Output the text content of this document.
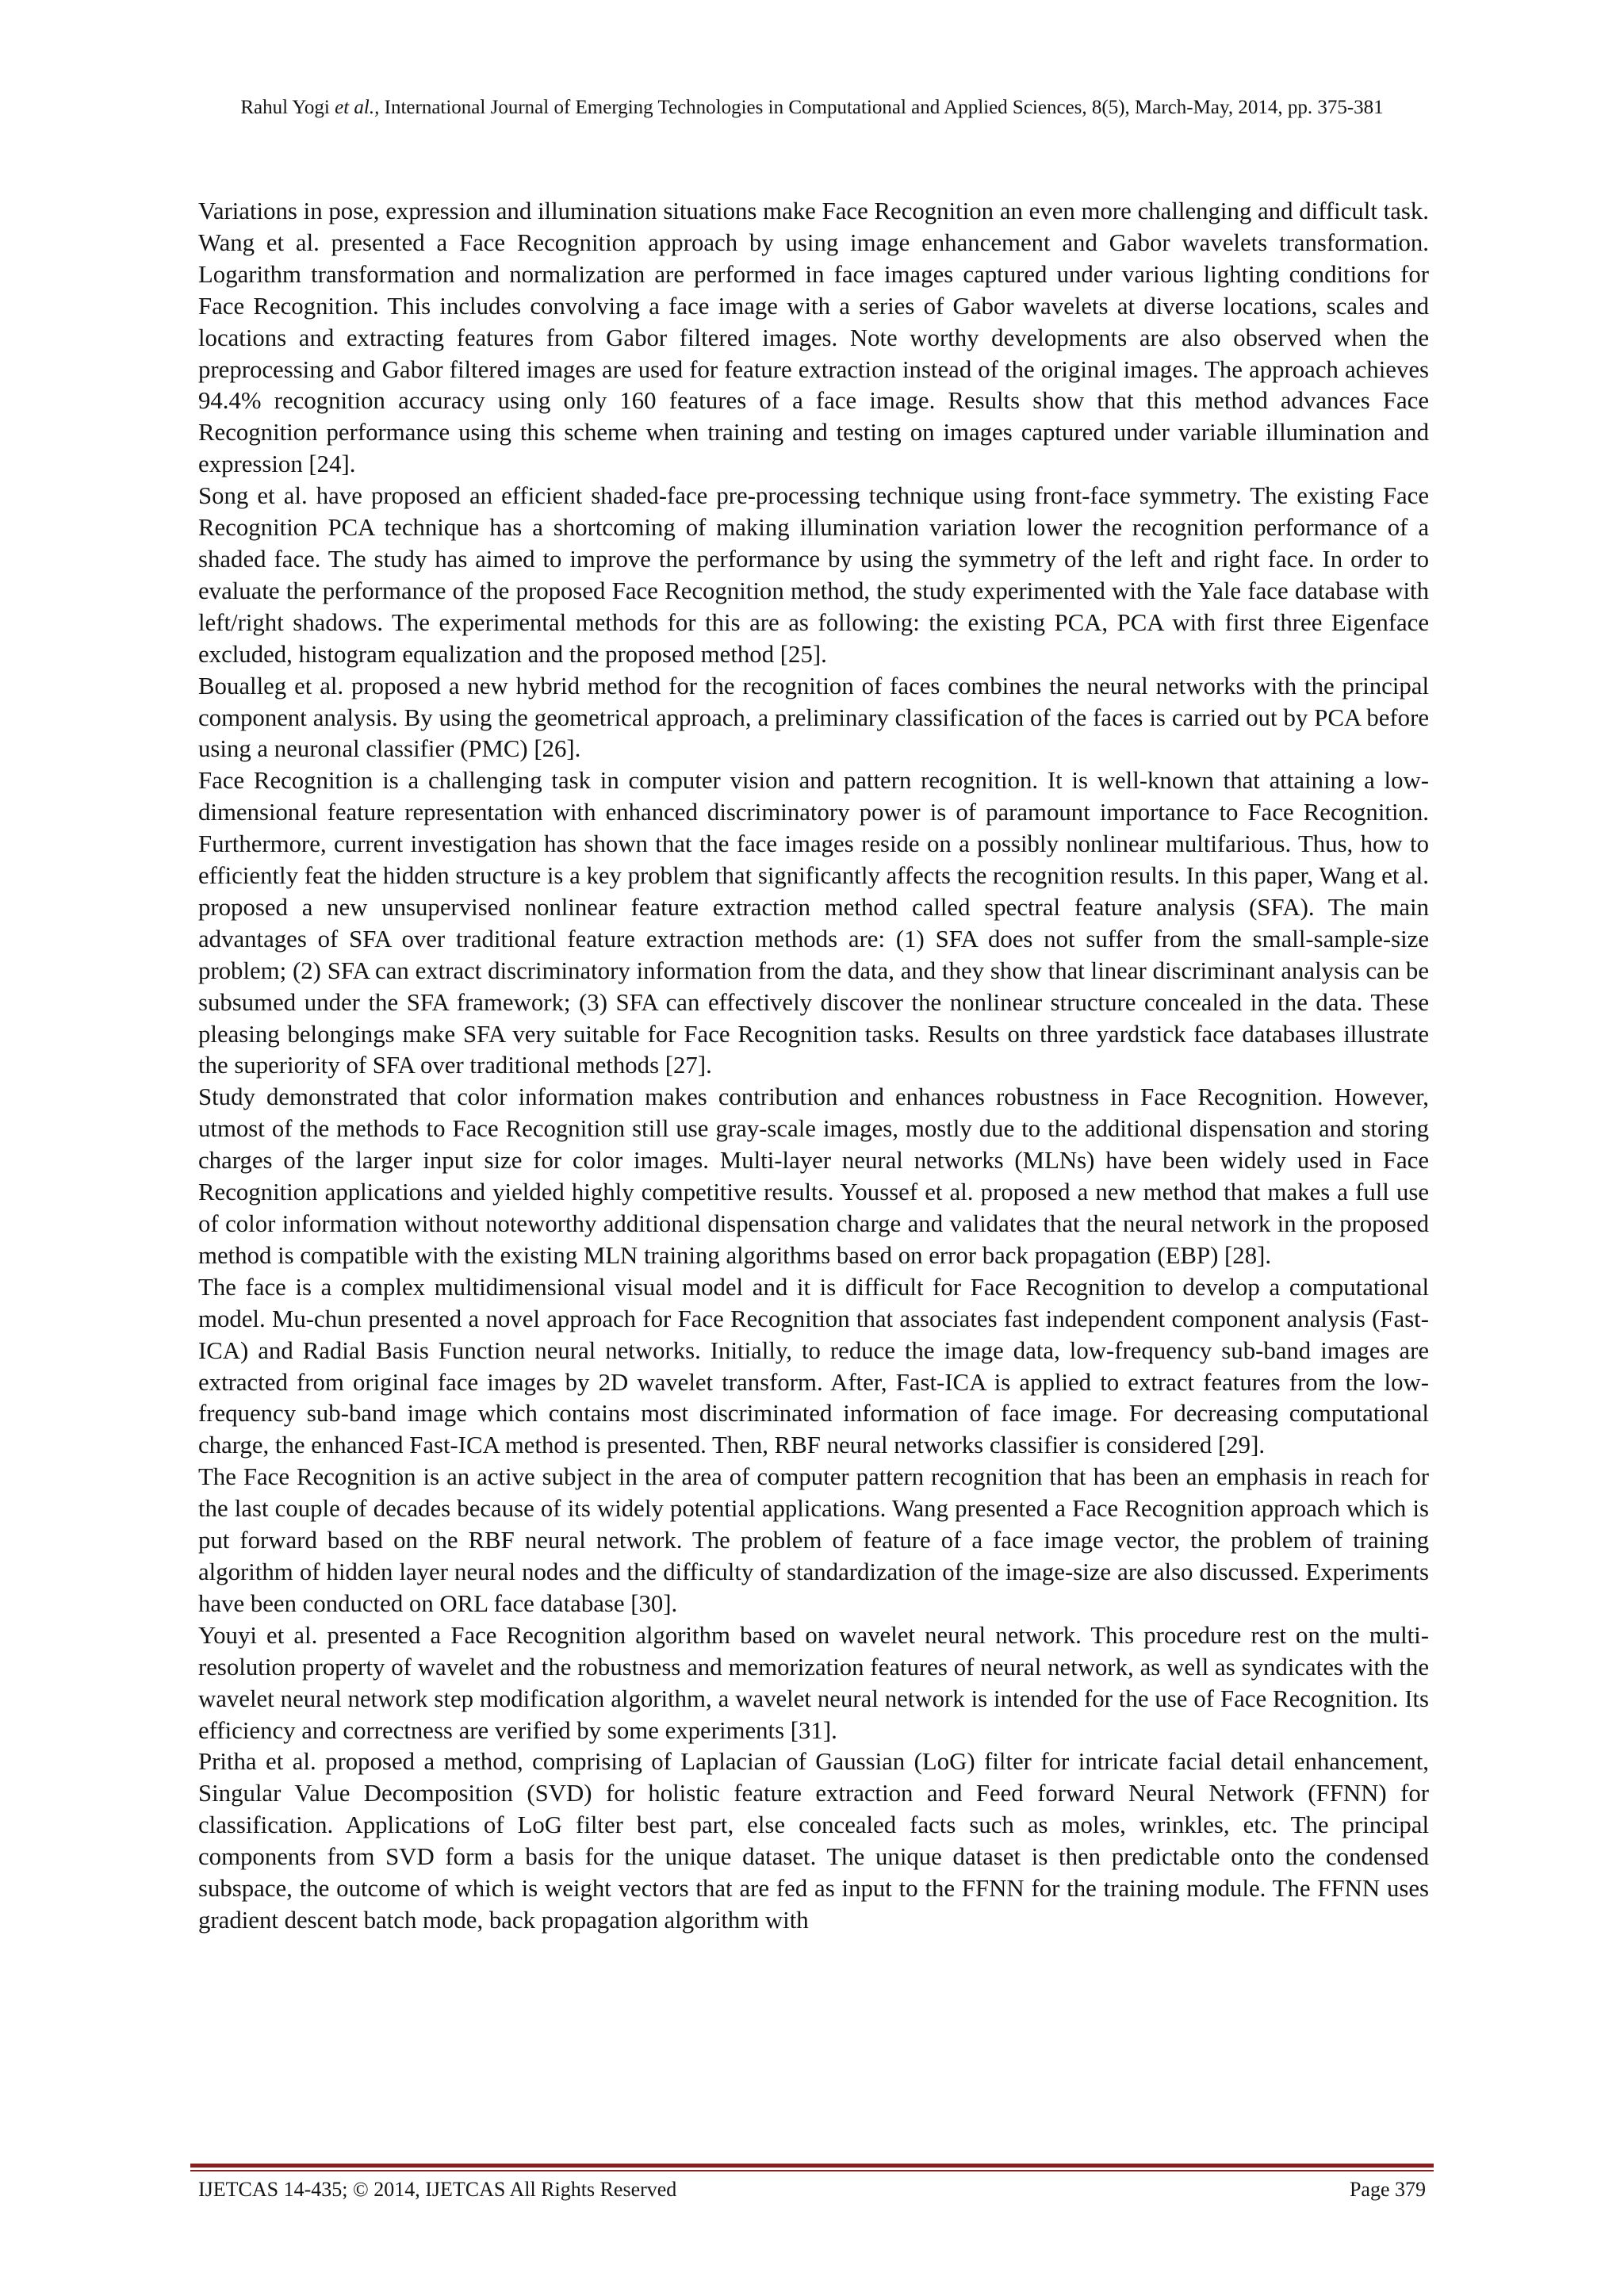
Rahul Yogi et al., International Journal of Emerging Technologies in Computational and Applied Sciences, 8(5), March-May, 2014, pp. 375-381

Variations in pose, expression and illumination situations make Face Recognition an even more challenging and difficult task. Wang et al. presented a Face Recognition approach by using image enhancement and Gabor wavelets transformation. Logarithm transformation and normalization are performed in face images captured under various lighting conditions for Face Recognition. This includes convolving a face image with a series of Gabor wavelets at diverse locations, scales and locations and extracting features from Gabor filtered images. Note worthy developments are also observed when the preprocessing and Gabor filtered images are used for feature extraction instead of the original images. The approach achieves 94.4% recognition accuracy using only 160 features of a face image. Results show that this method advances Face Recognition performance using this scheme when training and testing on images captured under variable illumination and expression [24].

Song et al. have proposed an efficient shaded-face pre-processing technique using front-face symmetry. The existing Face Recognition PCA technique has a shortcoming of making illumination variation lower the recognition performance of a shaded face. The study has aimed to improve the performance by using the symmetry of the left and right face. In order to evaluate the performance of the proposed Face Recognition method, the study experimented with the Yale face database with left/right shadows. The experimental methods for this are as following: the existing PCA, PCA with first three Eigenface excluded, histogram equalization and the proposed method [25].

Boualleg et al. proposed a new hybrid method for the recognition of faces combines the neural networks with the principal component analysis. By using the geometrical approach, a preliminary classification of the faces is carried out by PCA before using a neuronal classifier (PMC) [26].

Face Recognition is a challenging task in computer vision and pattern recognition. It is well-known that attaining a low-dimensional feature representation with enhanced discriminatory power is of paramount importance to Face Recognition. Furthermore, current investigation has shown that the face images reside on a possibly nonlinear multifarious. Thus, how to efficiently feat the hidden structure is a key problem that significantly affects the recognition results. In this paper, Wang et al. proposed a new unsupervised nonlinear feature extraction method called spectral feature analysis (SFA). The main advantages of SFA over traditional feature extraction methods are: (1) SFA does not suffer from the small-sample-size problem; (2) SFA can extract discriminatory information from the data, and they show that linear discriminant analysis can be subsumed under the SFA framework; (3) SFA can effectively discover the nonlinear structure concealed in the data. These pleasing belongings make SFA very suitable for Face Recognition tasks. Results on three yardstick face databases illustrate the superiority of SFA over traditional methods [27].

Study demonstrated that color information makes contribution and enhances robustness in Face Recognition. However, utmost of the methods to Face Recognition still use gray-scale images, mostly due to the additional dispensation and storing charges of the larger input size for color images. Multi-layer neural networks (MLNs) have been widely used in Face Recognition applications and yielded highly competitive results. Youssef et al. proposed a new method that makes a full use of color information without noteworthy additional dispensation charge and validates that the neural network in the proposed method is compatible with the existing MLN training algorithms based on error back propagation (EBP) [28].

The face is a complex multidimensional visual model and it is difficult for Face Recognition to develop a computational model. Mu-chun presented a novel approach for Face Recognition that associates fast independent component analysis (Fast-ICA) and Radial Basis Function neural networks. Initially, to reduce the image data, low-frequency sub-band images are extracted from original face images by 2D wavelet transform. After, Fast-ICA is applied to extract features from the low-frequency sub-band image which contains most discriminated information of face image. For decreasing computational charge, the enhanced Fast-ICA method is presented. Then, RBF neural networks classifier is considered [29].

The Face Recognition is an active subject in the area of computer pattern recognition that has been an emphasis in reach for the last couple of decades because of its widely potential applications. Wang presented a Face Recognition approach which is put forward based on the RBF neural network. The problem of feature of a face image vector, the problem of training algorithm of hidden layer neural nodes and the difficulty of standardization of the image-size are also discussed. Experiments have been conducted on ORL face database [30].

Youyi et al. presented a Face Recognition algorithm based on wavelet neural network. This procedure rest on the multi-resolution property of wavelet and the robustness and memorization features of neural network, as well as syndicates with the wavelet neural network step modification algorithm, a wavelet neural network is intended for the use of Face Recognition. Its efficiency and correctness are verified by some experiments [31].

Pritha et al. proposed a method, comprising of Laplacian of Gaussian (LoG) filter for intricate facial detail enhancement, Singular Value Decomposition (SVD) for holistic feature extraction and Feed forward Neural Network (FFNN) for classification. Applications of LoG filter best part, else concealed facts such as moles, wrinkles, etc. The principal components from SVD form a basis for the unique dataset. The unique dataset is then predictable onto the condensed subspace, the outcome of which is weight vectors that are fed as input to the FFNN for the training module. The FFNN uses gradient descent batch mode, back propagation algorithm with

IJETCAS 14-435; © 2014, IJETCAS All Rights Reserved	Page 379
